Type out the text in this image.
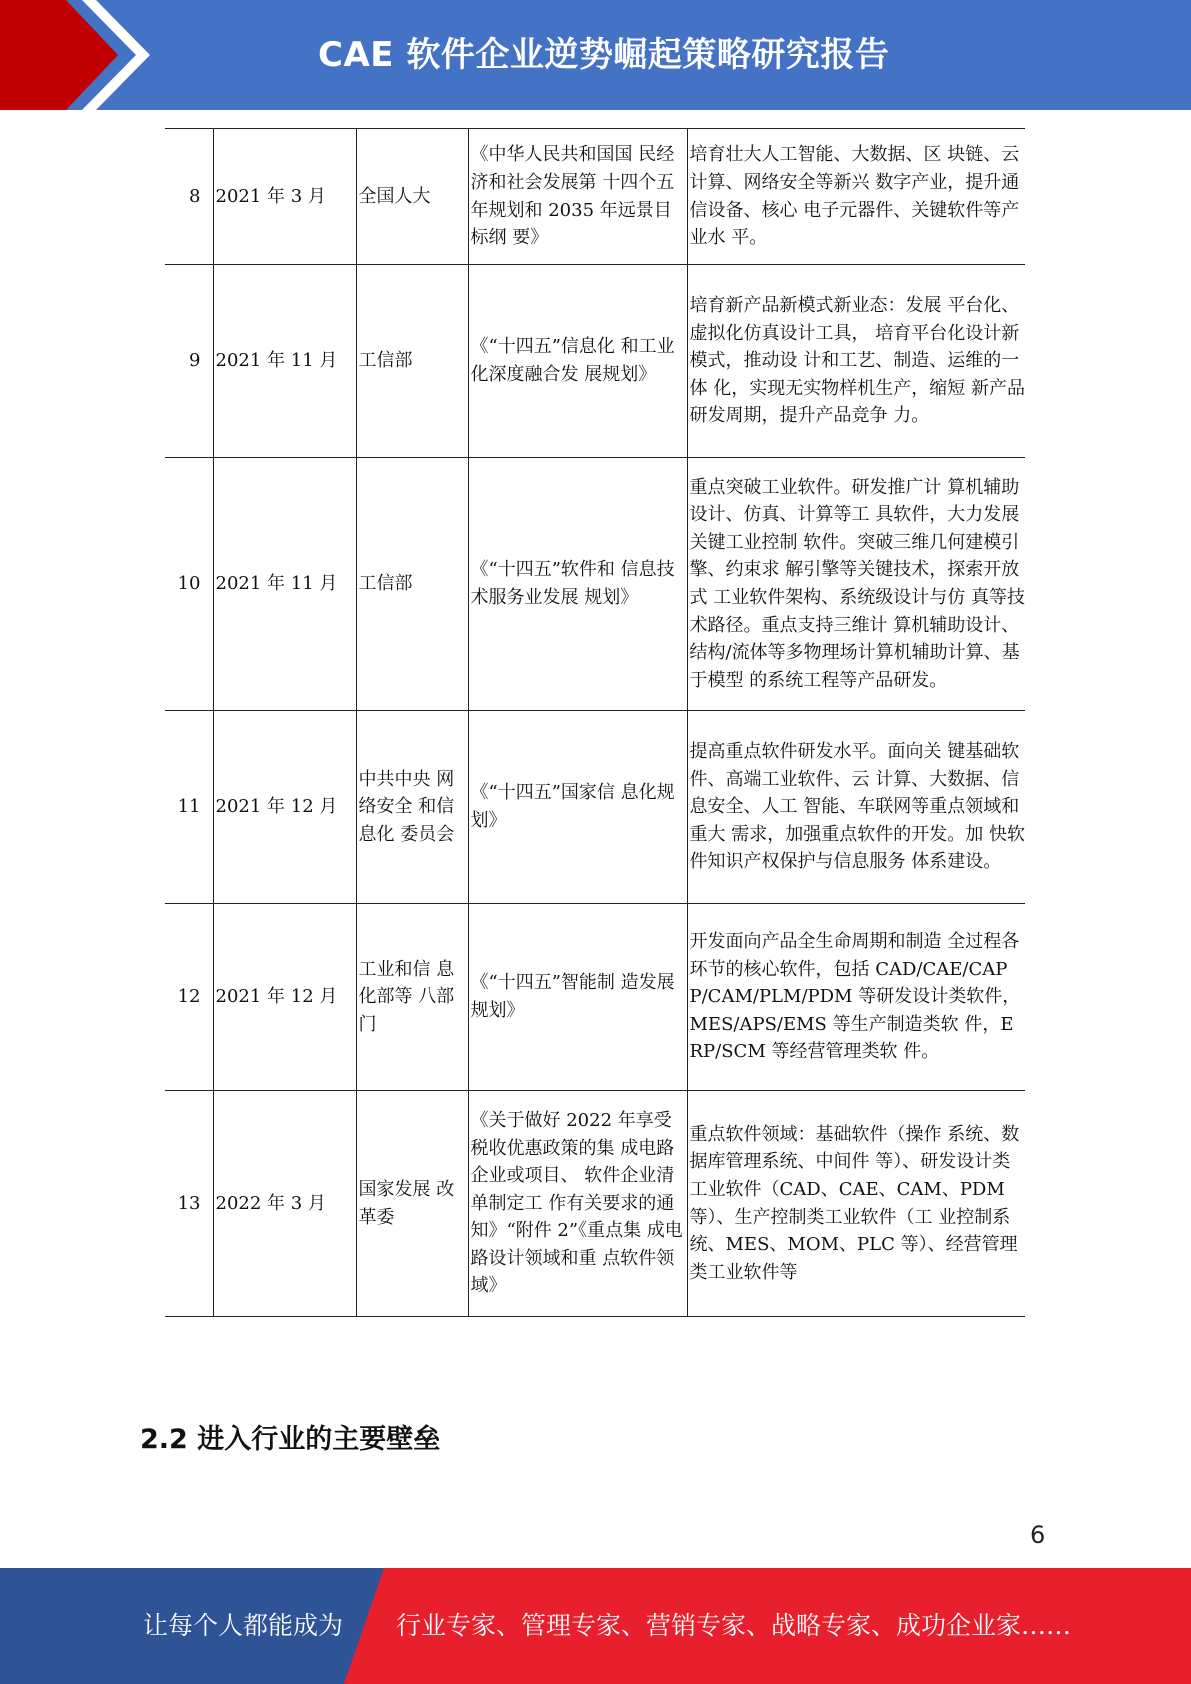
CAE 软件企业逆势崛起策略研究报告
8	2021 年 3 月	全国人大	《中华人民共和国国 民经济和社会发展第 十四个五年规划和 2035 年远景目标纲 要》	培育壮大人工智能、大数据、区 块链、云计算、网络安全等新兴 数字产业，提升通信设备、核心 电子元器件、关键软件等产业水 平。
9	2021 年 11 月	工信部	《“十四五”信息化 和工业化深度融合发 展规划》	培育新产品新模式新业态：发展 平台化、虚拟化仿真设计工具， 培育平台化设计新模式，推动设 计和工艺、制造、运维的一体 化，实现无实物样机生产，缩短 新产品研发周期，提升产品竞争 力。
10	2021 年 11 月	工信部	《“十四五”软件和 信息技术服务业发展 规划》	重点突破工业软件。研发推广计 算机辅助设计、仿真、计算等工 具软件，大力发展关键工业控制 软件。突破三维几何建模引擎、约束求 解引擎等关键技术，探索开放式 工业软件架构、系统级设计与仿 真等技术路径。重点支持三维计 算机辅助设计、结构/流体等多物理场计算机辅助计算、基于模型 的系统工程等产品研发。
11	2021 年 12 月	中共中央 网络安全 和信息化 委员会	《“十四五”国家信 息化规划》	提高重点软件研发水平。面向关 键基础软件、高端工业软件、云 计算、大数据、信息安全、人工 智能、车联网等重点领域和重大 需求，加强重点软件的开发。加 快软件知识产权保护与信息服务 体系建设。
12	2021 年 12 月	工业和信 息化部等 八部门	《“十四五”智能制 造发展规划》	开发面向产品全生命周期和制造 全过程各环节的核心软件，包括 CAD/CAE/CAPP/CAM/PLM/PDM 等研发设计类软件， MES/APS/EMS 等生产制造类软 件，ERP/SCM 等经营管理类软 件。
13	2022 年 3 月	国家发展 改革委	《关于做好 2022 年享受税收优惠政策的集 成电路企业或项目、 软件企业清单制定工 作有关要求的通知》“附件 2”《重点集 成电路设计领域和重 点软件领域》	重点软件领域：基础软件（操作 系统、数据库管理系统、中间件 等）、研发设计类工业软件（CAD、CAE、CAM、PDM 等）、生产控制类工业软件（工 业控制系统、MES、MOM、PLC 等）、经营管理类工业软件等
2.2 进入行业的主要壁垒
6
让每个人都能成为 行业专家、管理专家、营销专家、战略专家、成功企业家……
